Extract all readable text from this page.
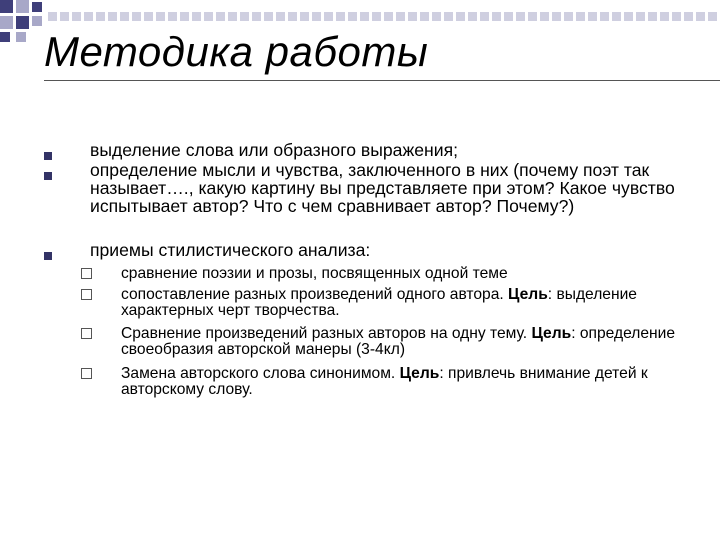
Методика работы
выделение слова или образного выражения;
определение мысли и чувства, заключенного в них (почему поэт так называет…., какую картину вы представляете при этом? Какое чувство испытывает автор? Что с чем сравнивает автор? Почему?)
приемы стилистического анализа:
сравнение поэзии и прозы, посвященных одной теме
сопоставление разных произведений одного автора. Цель: выделение характерных черт творчества.
Сравнение произведений разных авторов на одну тему. Цель: определение своеобразия авторской манеры (3-4кл)
Замена авторского слова синонимом. Цель: привлечь внимание детей к авторскому слову.
